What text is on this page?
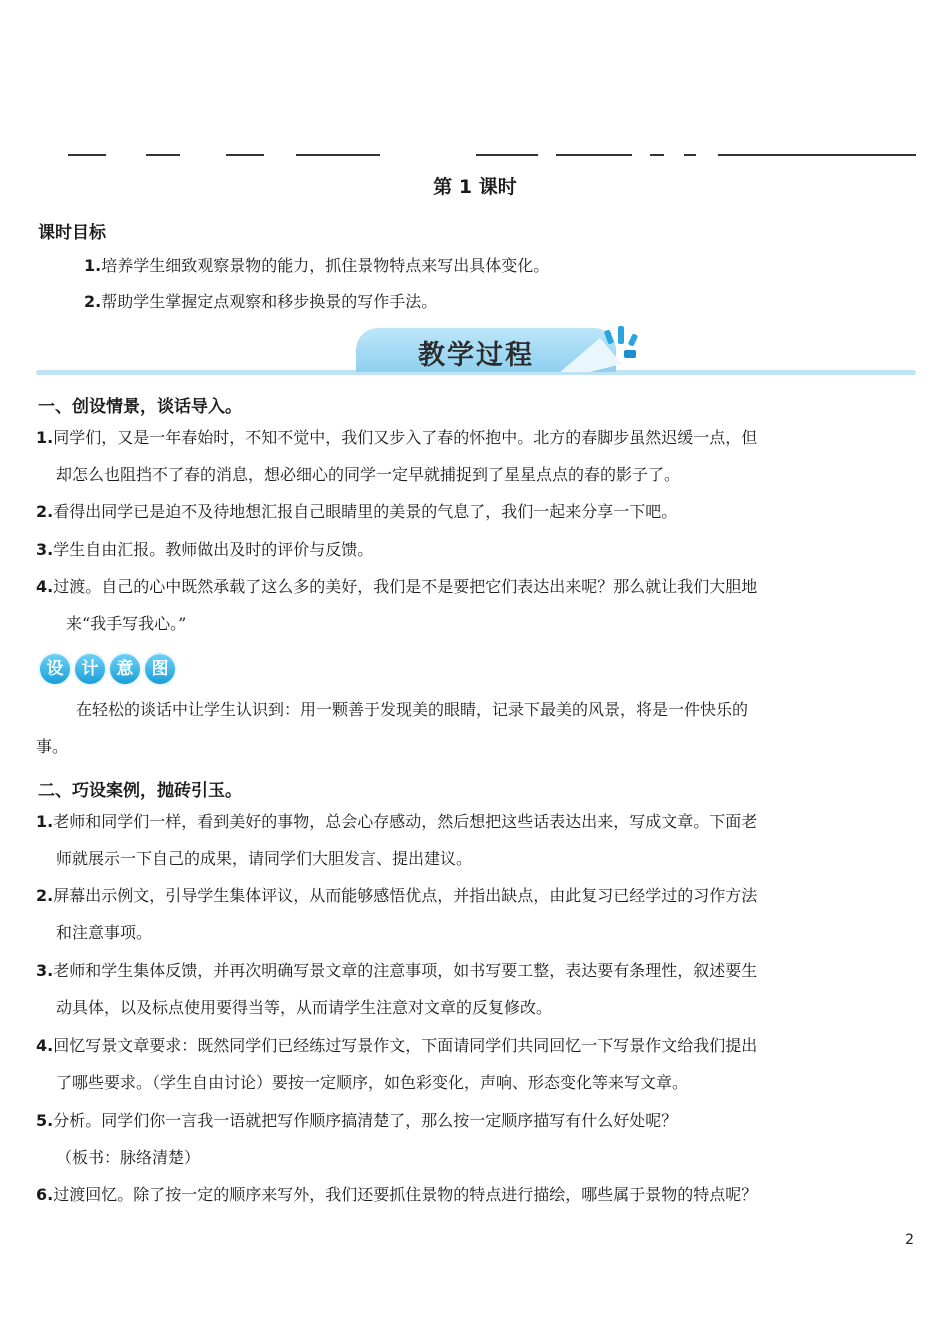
第 1 课时
课时目标
1.培养学生细致观察景物的能力，抓住景物特点来写出具体变化。
2.帮助学生掌握定点观察和移步换景的写作手法。
教学过程
一、创设情景，谈话导入。
1.同学们，又是一年春始时，不知不觉中，我们又步入了春的怀抱中。北方的春脚步虽然迟缓一点，但
却怎么也阻挡不了春的消息，想必细心的同学一定早就捕捉到了星星点点的春的影子了。
2.看得出同学已是迫不及待地想汇报自己眼睛里的美景的气息了，我们一起来分享一下吧。
3.学生自由汇报。教师做出及时的评价与反馈。
4.过渡。自己的心中既然承载了这么多的美好，我们是不是要把它们表达出来呢？那么就让我们大胆地
来“我手写我心。”
设	计	意	图
在轻松的谈话中让学生认识到：用一颗善于发现美的眼睛，记录下最美的风景，将是一件快乐的
事。
二、巧设案例，抛砖引玉。
1.老师和同学们一样，看到美好的事物，总会心存感动，然后想把这些话表达出来，写成文章。下面老
师就展示一下自己的成果，请同学们大胆发言、提出建议。
2.屏幕出示例文，引导学生集体评议，从而能够感悟优点，并指出缺点，由此复习已经学过的习作方法
和注意事项。
3.老师和学生集体反馈，并再次明确写景文章的注意事项，如书写要工整，表达要有条理性，叙述要生
动具体，以及标点使用要得当等，从而请学生注意对文章的反复修改。
4.回忆写景文章要求：既然同学们已经练过写景作文，下面请同学们共同回忆一下写景作文给我们提出
了哪些要求。（学生自由讨论）要按一定顺序，如色彩变化，声响、形态变化等来写文章。
5.分析。同学们你一言我一语就把写作顺序搞清楚了，那么按一定顺序描写有什么好处呢？
（板书：脉络清楚）
6.过渡回忆。除了按一定的顺序来写外，我们还要抓住景物的特点进行描绘，哪些属于景物的特点呢？
2
